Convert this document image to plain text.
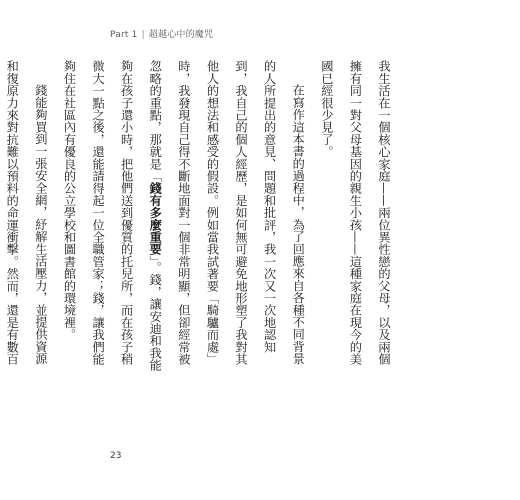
Part 1 | 超越心中的魔咒

我生活在一個核心家庭——兩位異性戀的父母，以及兩個擁有同一對父母基因的親生小孩——這種家庭在現今的美國已經很少見了。

在寫作這本書的過程中，為了回應來自各種不同背景的人所提出的意見、問題和批評，我一次又一次地認知到，我自己的個人經歷，是如何無可避免地形塑了我對其他人的想法和感受的假設。例如當我試著要「騎驢而處」時，我發現自己得不斷地面對一個非常明顯，但卻經常被忽略的重點，那就是「錢有多麼重要」。錢，讓安迪和我能夠在孩子還小時，把他們送到優質的托兒所，而在孩子稍微大一點之後，還能請得起一位全職管家；錢，讓我們能夠住在社區內有優良的公立學校和圖書館的環境裡。

錢能夠買到一張安全網，紓解生活壓力，並提供資源和復原力來對抗難以預料的命運衝擊。然而，還是有數百

23
